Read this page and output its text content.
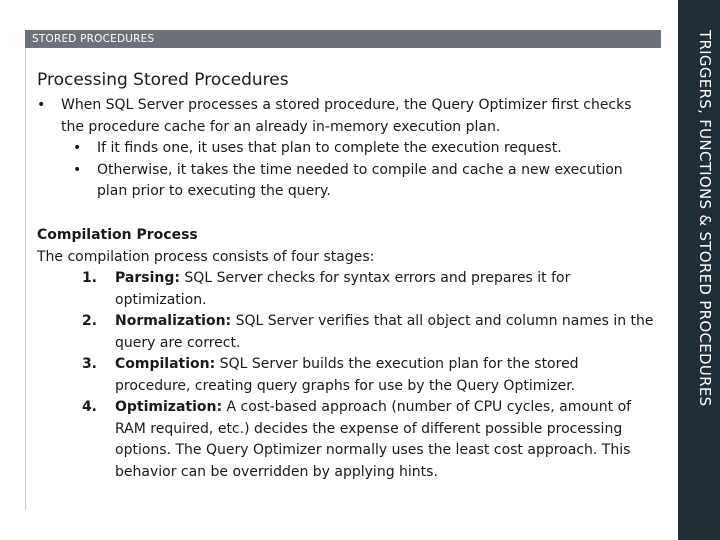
STORED PROCEDURES	TRIGGERS, FUNCTIONS & STORED PROCEDURES
Processing Stored Procedures
• When SQL Server processes a stored procedure, the Query Optimizer first checks the procedure cache for an already in-memory execution plan.
• If it finds one, it uses that plan to complete the execution request.
• Otherwise, it takes the time needed to compile and cache a new execution plan prior to executing the query.
Compilation Process
The compilation process consists of four stages:
1. Parsing: SQL Server checks for syntax errors and prepares it for optimization.
2. Normalization: SQL Server verifies that all object and column names in the query are correct.
3. Compilation: SQL Server builds the execution plan for the stored procedure, creating query graphs for use by the Query Optimizer.
4. Optimization: A cost-based approach (number of CPU cycles, amount of RAM required, etc.) decides the expense of different possible processing options. The Query Optimizer normally uses the least cost approach. This behavior can be overridden by applying hints.
